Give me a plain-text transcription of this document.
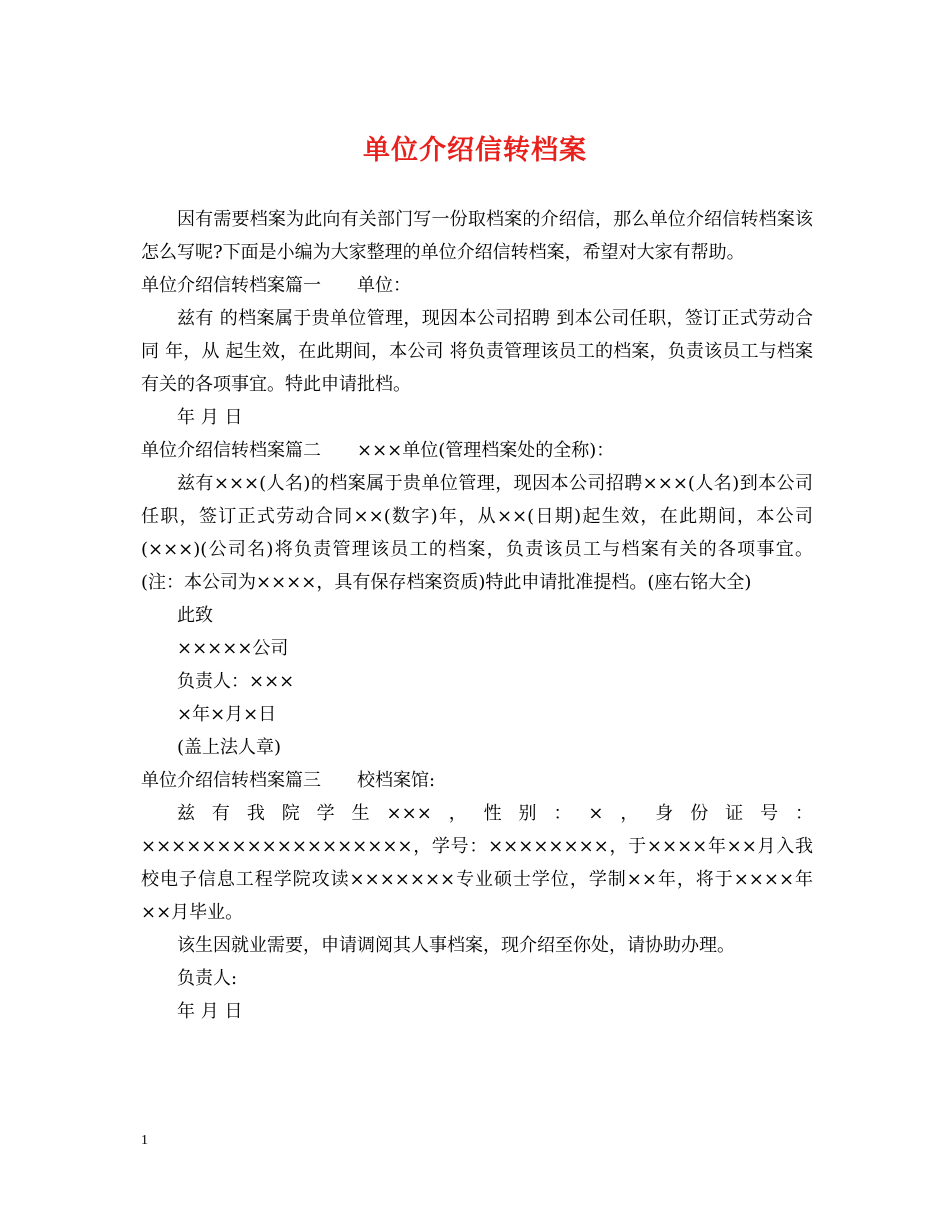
单位介绍信转档案

因有需要档案为此向有关部门写一份取档案的介绍信，那么单位介绍信转档案该怎么写呢?下面是小编为大家整理的单位介绍信转档案，希望对大家有帮助。

单位介绍信转档案篇一 单位：

兹有 的档案属于贵单位管理，现因本公司招聘 到本公司任职，签订正式劳动合同 年，从 起生效，在此期间，本公司 将负责管理该员工的档案，负责该员工与档案有关的各项事宜。特此申请批档。

年 月 日

单位介绍信转档案篇二 ×××单位(管理档案处的全称)：

兹有×××(人名)的档案属于贵单位管理，现因本公司招聘×××(人名)到本公司任职，签订正式劳动合同××(数字)年，从××(日期)起生效，在此期间，本公司(×××)(公司名)将负责管理该员工的档案，负责该员工与档案有关的各项事宜。(注：本公司为××××，具有保存档案资质)特此申请批准提档。(座右铭大全)

此致

×××××公司

负责人：×××

×年×月×日

(盖上法人章)

单位介绍信转档案篇三 校档案馆:

兹有我院学生×××，性别：×，身份证号：××××××××××××××××××，学号：××××××××，于××××年××月入我校电子信息工程学院攻读×××××××专业硕士学位，学制××年，将于××××年××月毕业。

该生因就业需要，申请调阅其人事档案，现介绍至你处，请协助办理。

负责人:

年 月 日

1
